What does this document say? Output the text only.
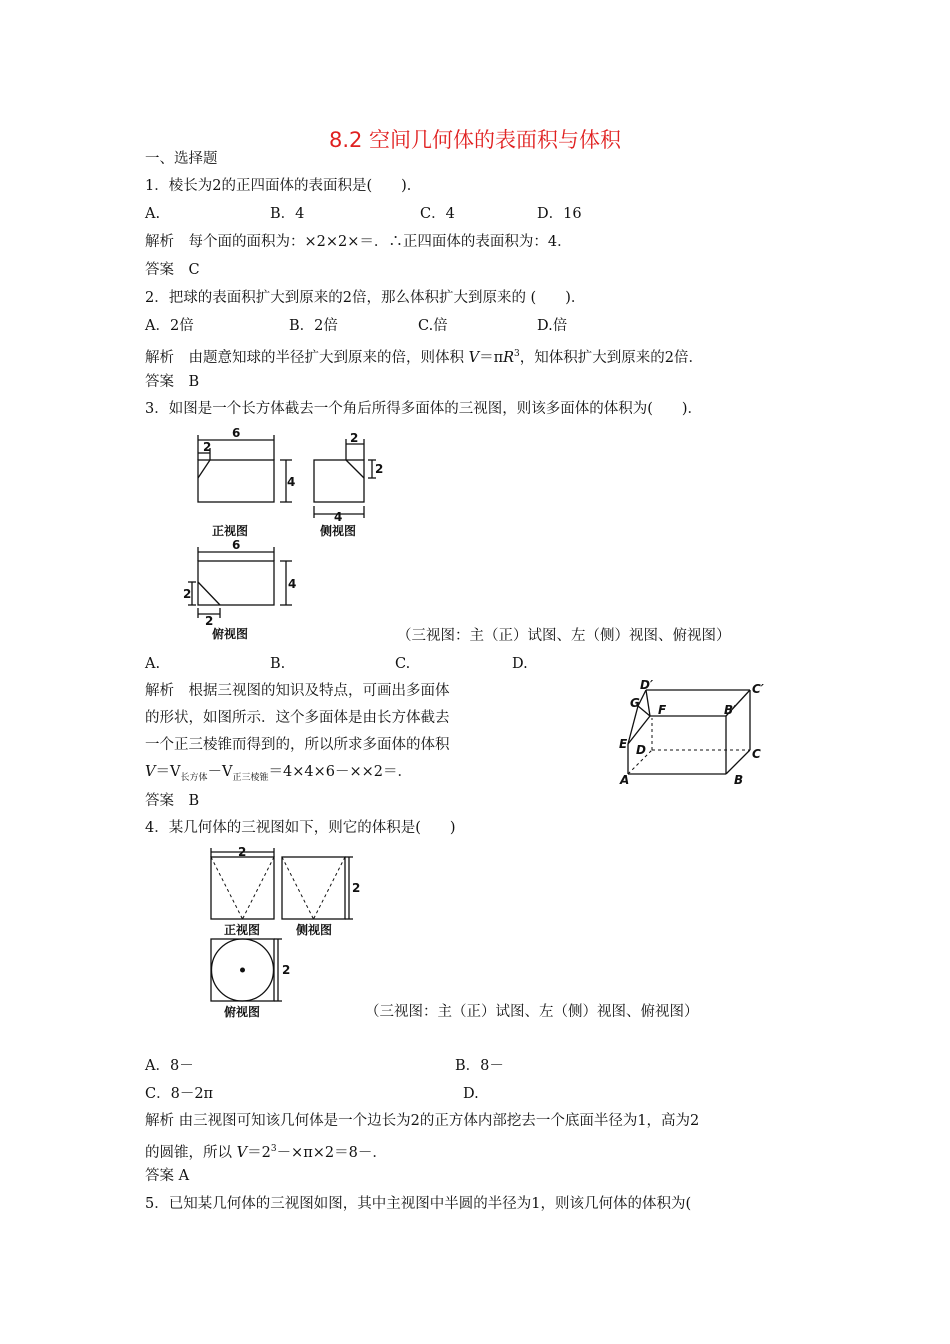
8.2 空间几何体的表面积与体积
一、选择题
1．棱长为2的正四面体的表面积是(　　)．
A.	B．4	C．4	D．16
解析　每个面的面积为：×2×2×＝．∴正四面体的表面积为：4．
答案　C
2．把球的表面积扩大到原来的2倍，那么体积扩大到原来的 (　　)．
A．2倍	B．2倍	C.倍	D.倍
解析　由题意知球的半径扩大到原来的倍，则体积 $V=\pi R^3$，知体积扩大到原来的2倍．
答案　B
3．如图是一个长方体截去一个角后所得多面体的三视图，则该多面体的体积为(　　)．
6
2
4
2
2
4
正视图	侧视图
6
4
2
2
俯视图	（三视图：主（正）试图、左（侧）视图、俯视图）
A.	B.	C.	D.
解析　根据三视图的知识及特点，可画出多面体
的形状，如图所示．这个多面体是由长方体截去
一个正三棱锥而得到的，所以所求多面体的体积
$V=V_{长方体}-V_{正三棱锥}=4\times 4\times 6-\times\times 2=$．
答案　B
D′	C′
G F	B′
E D	C
A	B
4．某几何体的三视图如下，则它的体积是(　　)
2
2
2
正视图	侧视图
俯视图	（三视图：主（正）试图、左（侧）视图、俯视图）
A．8－	B．8－
C．8－2π	D.
解析 由三视图可知该几何体是一个边长为2的正方体内部挖去一个底面半径为1，高为2
的圆锥，所以 $V=2^3-\times\pi\times 2=8-$．
答案 A
5．已知某几何体的三视图如图，其中主视图中半圆的半径为1，则该几何体的体积为(
